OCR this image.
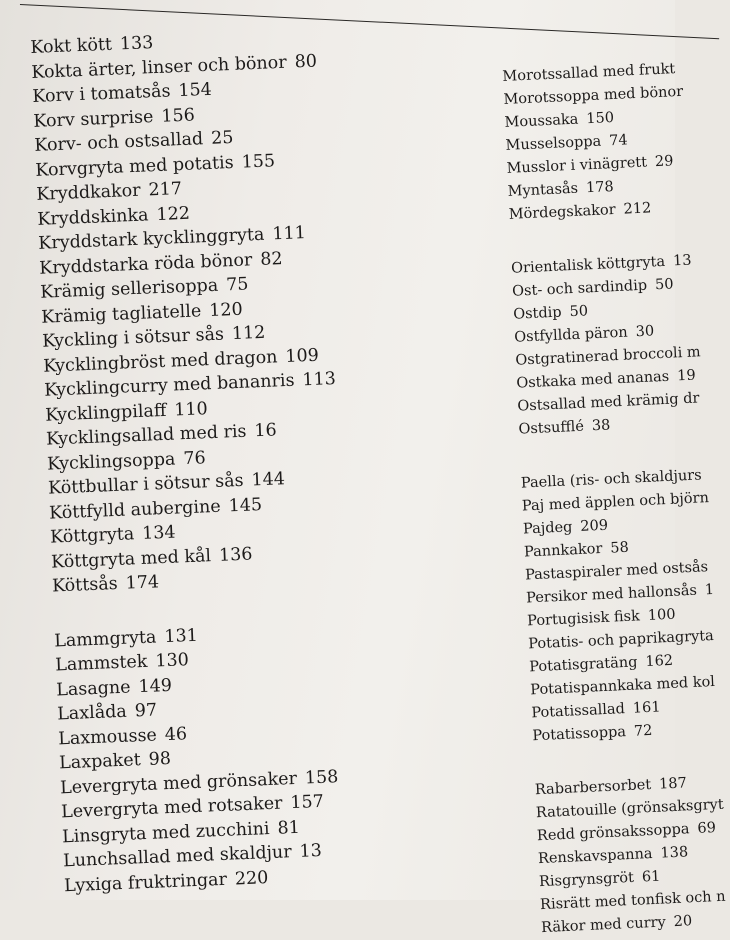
Kokt kött 133
Kokta ärter, linser och bönor 80
Korv i tomatsås 154
Korv surprise 156
Korv- och ostsallad 25
Korvgryta med potatis 155
Kryddkakor 217
Kryddskinka 122
Kryddstark kycklinggryta 111
Kryddstarka röda bönor 82
Krämig sellerisoppa 75
Krämig tagliatelle 120
Kyckling i sötsur sås 112
Kycklingbröst med dragon 109
Kycklingcurry med bananris 113
Kycklingpilaff 110
Kycklingsallad med ris 16
Kycklingsoppa 76
Köttbullar i sötsur sås 144
Köttfylld aubergine 145
Köttgryta 134
Köttgryta med kål 136
Köttsås 174
Lammgryta 131
Lammstek 130
Lasagne 149
Laxlåda 97
Laxmousse 46
Laxpaket 98
Levergryta med grönsaker 158
Levergryta med rotsaker 157
Linsgryta med zucchini 81
Lunchsallad med skaldjur 13
Lyxiga fruktringar 220
Morotssallad med frukt
Morotssoppa med bönor
Moussaka 150
Musselsoppa 74
Musslor i vinägrett 29
Myntasås 178
Mördegskakor 212
Orientalisk köttgryta 13
Ost- och sardindip 50
Ostdip 50
Ostfyllda päron 30
Ostgratinerad broccoli m
Ostkaka med ananas 19
Ostsallad med krämig dr
Ostsufflé 38
Paella (ris- och skaldjurs
Paj med äpplen och björn
Pajdeg 209
Pannkakor 58
Pastaspiraler med ostsås
Persikor med hallonsås 1
Portugisisk fisk 100
Potatis- och paprikagryta
Potatisgratäng 162
Potatispannkaka med kol
Potatissallad 161
Potatissoppa 72
Rabarbersorbet 187
Ratatouille (grönsaksgryt
Redd grönsakssoppa 69
Renskavspanna 138
Risgrynsgröt 61
Risrätt med tonfisk och n
Räkor med curry 20
